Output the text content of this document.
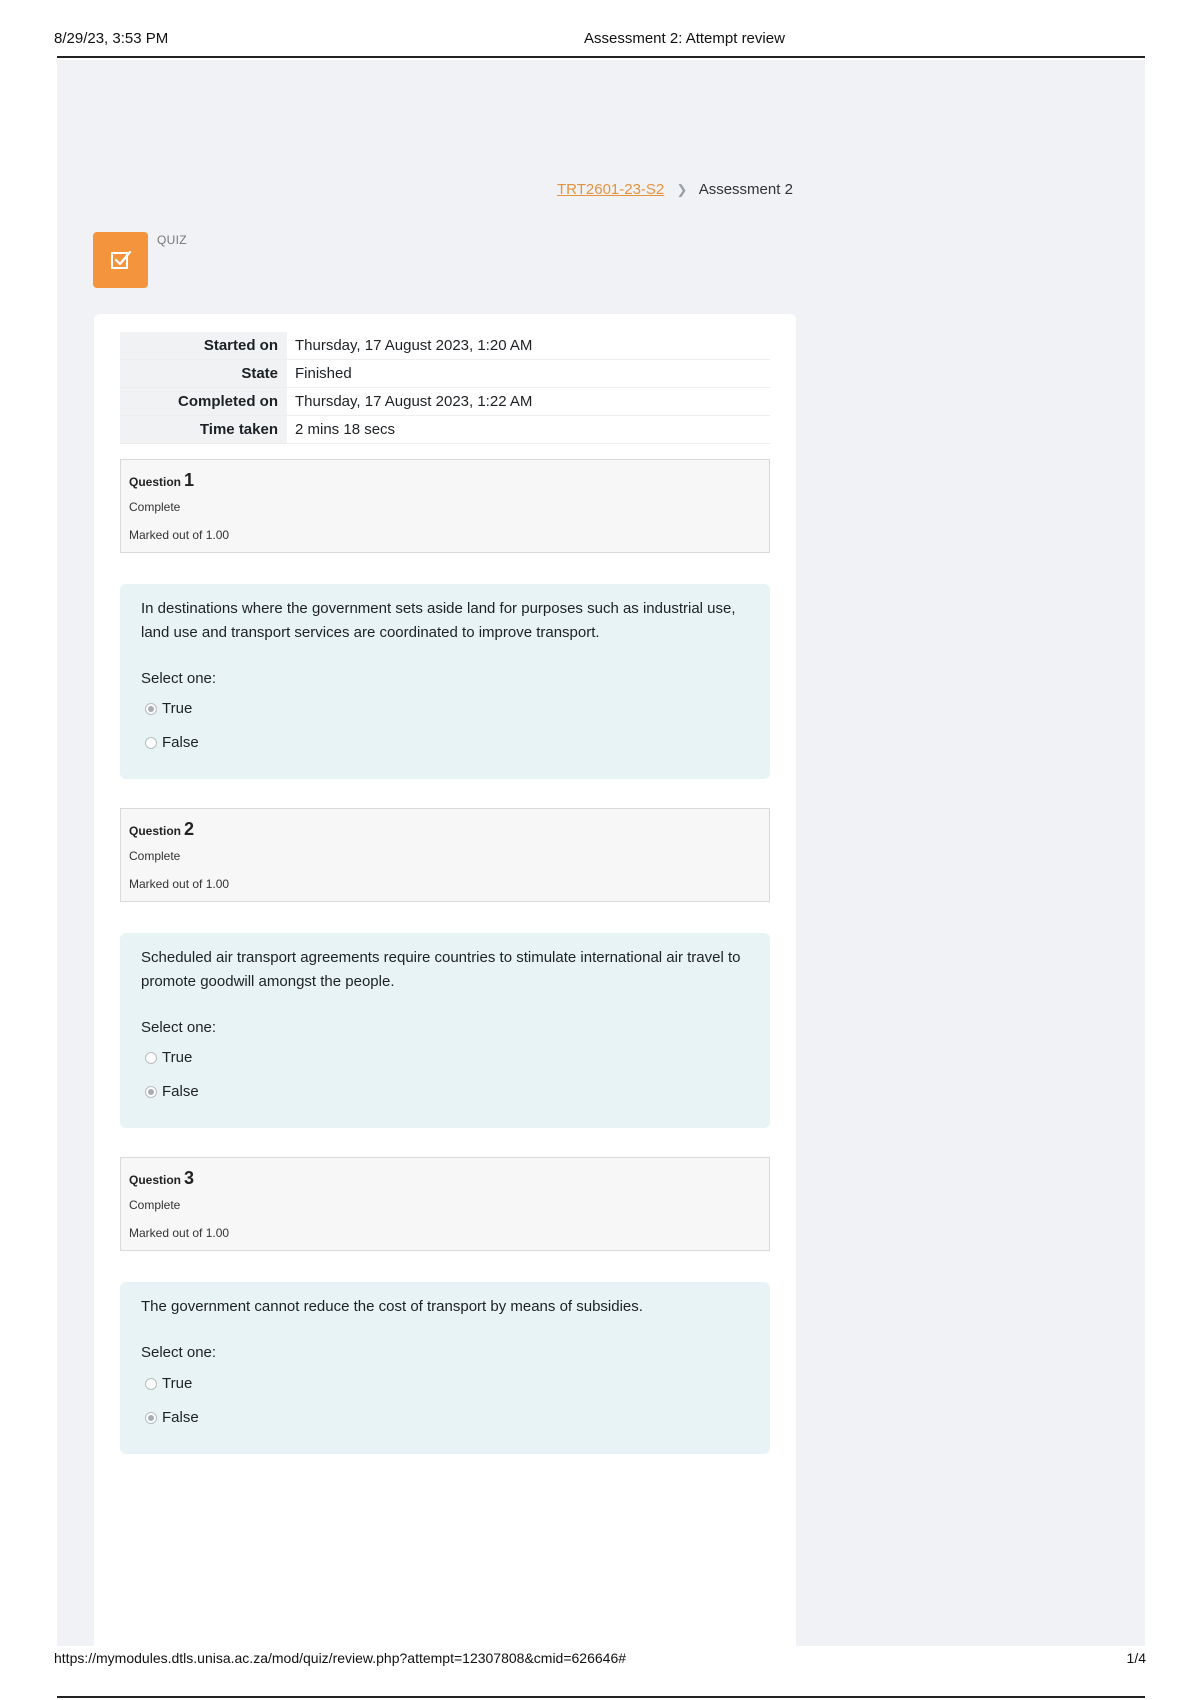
8/29/23, 3:53 PM	Assessment 2: Attempt review
TRT2601-23-S2 ❯ Assessment 2
QUIZ
Started on	Thursday, 17 August 2023, 1:20 AM
State	Finished
Completed on	Thursday, 17 August 2023, 1:22 AM
Time taken	2 mins 18 secs
Question 1
Complete
Marked out of 1.00
In destinations where the government sets aside land for purposes such as industrial use, land use and transport services are coordinated to improve transport.
Select one:
True
False
Question 2
Complete
Marked out of 1.00
Scheduled air transport agreements require countries to stimulate international air travel to promote goodwill amongst the people.
Select one:
True
False
Question 3
Complete
Marked out of 1.00
The government cannot reduce the cost of transport by means of subsidies.
Select one:
True
False
https://mymodules.dtls.unisa.ac.za/mod/quiz/review.php?attempt=12307808&cmid=626646#	1/4
